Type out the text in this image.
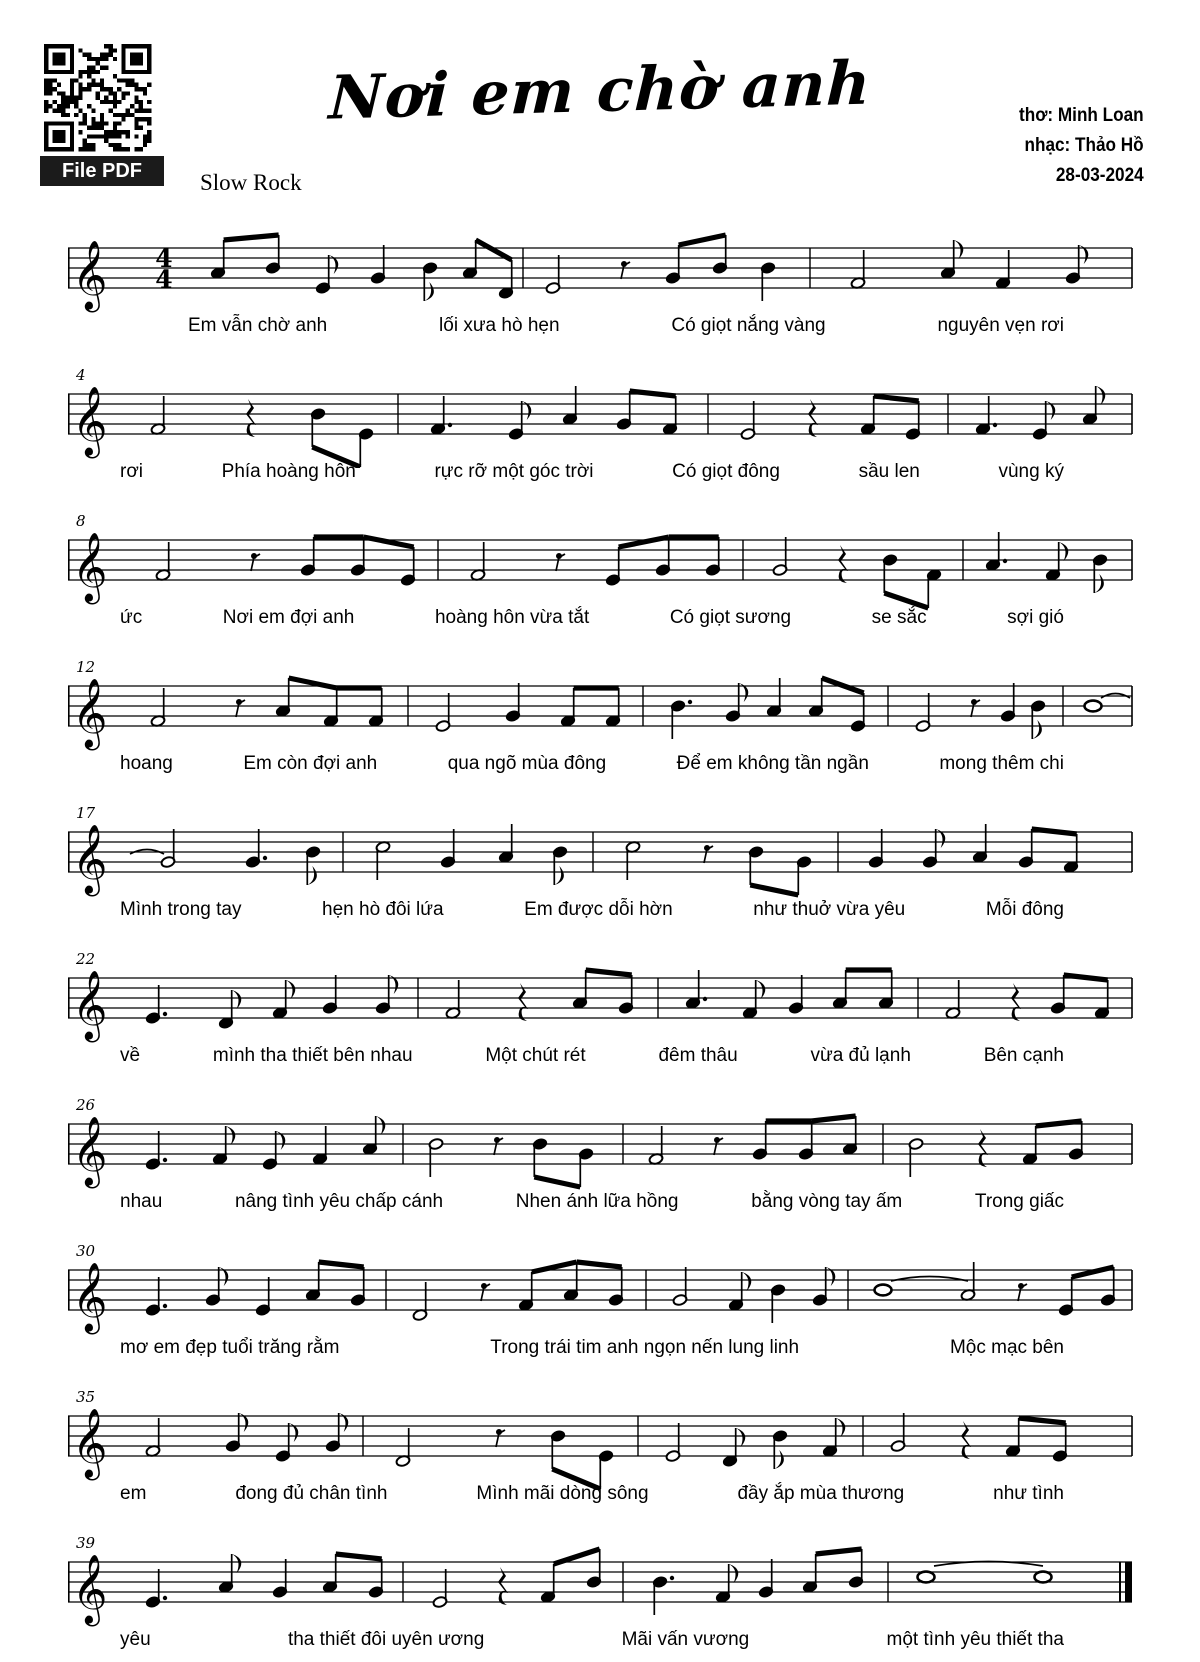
File PDF
Nơi em chờ anh	thơ: Minh Loan
nhạc: Thảo Hồ
28-03-2024
Slow Rock
𝄞 4
4
Em vẫn chờ anh	lối xưa hò hẹn	Có giọt nắng vàng	nguyên vẹn rơi
4
𝄞
rơi	Phía hoàng hôn	rực rỡ một góc trời	Có giọt đông	sầu len	vùng ký
8
𝄞
ức	Nơi em đợi anh	hoàng hôn vừa tắt	Có giọt sương	se sắc	sợi gió
12
𝄞
hoang	Em còn đợi anh	qua ngõ mùa đông	Để em không tần ngần	mong thêm chi
17
𝄞
Mình trong tay	hẹn hò đôi lứa	Em được dỗi hờn	như thuở vừa yêu	Mỗi đông
22
𝄞
về	mình tha thiết bên nhau	Một chút rét	đêm thâu	vừa đủ lạnh	Bên cạnh
26
𝄞
nhau	nâng tình yêu chấp cánh	Nhen ánh lữa hồng	bằng vòng tay ấm	Trong giấc
30
𝄞
mơ em đẹp tuổi trăng rằm	Trong trái tim anh ngọn nến lung linh	Mộc mạc bên
35
𝄞
em	đong đủ chân tình	Mình mãi dòng sông	đầy ắp mùa thương	như tình
39
𝄞
yêu	tha thiết đôi uyên ương	Mãi vấn vương	một tình yêu thiết tha
